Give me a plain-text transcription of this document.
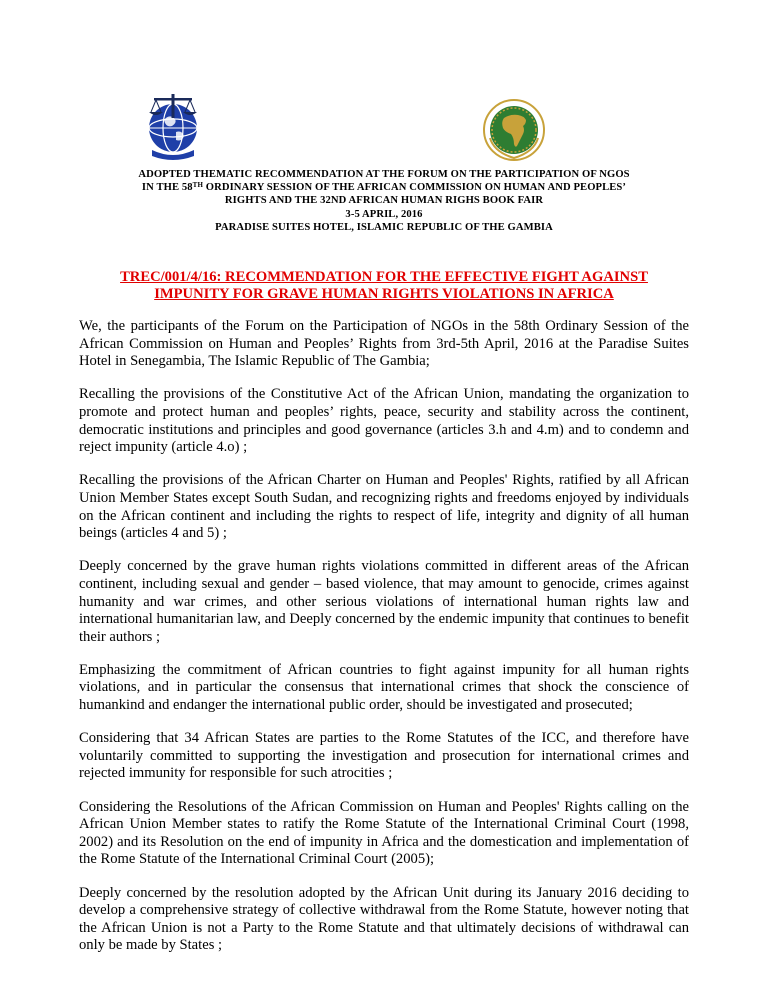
ADOPTED THEMATIC RECOMMENDATION AT THE FORUM ON THE PARTICIPATION OF NGOS
IN THE 58TH ORDINARY SESSION OF THE AFRICAN COMMISSION ON HUMAN AND PEOPLES’
RIGHTS AND THE 32ND AFRICAN HUMAN RIGHS BOOK FAIR
3-5 APRIL, 2016
PARADISE SUITES HOTEL, ISLAMIC REPUBLIC OF THE GAMBIA
TREC/001/4/16: RECOMMENDATION FOR THE EFFECTIVE FIGHT AGAINST
IMPUNITY FOR GRAVE HUMAN RIGHTS VIOLATIONS IN AFRICA

We, the participants of the Forum on the Participation of NGOs in the 58th Ordinary Session of the African Commission on Human and Peoples’ Rights from 3rd-5th April, 2016 at the Paradise Suites Hotel in Senegambia, The Islamic Republic of The Gambia;

Recalling the provisions of the Constitutive Act of the African Union, mandating the organization to promote and protect human and peoples’ rights, peace, security and stability across the continent, democratic institutions and principles and good governance (articles 3.h and 4.m) and to condemn and reject impunity (article 4.o) ;

Recalling the provisions of the African Charter on Human and Peoples' Rights, ratified by all African Union Member States except South Sudan, and recognizing rights and freedoms enjoyed by individuals on the African continent and including the rights to respect of life, integrity and dignity of all human beings (articles 4 and 5) ;

Deeply concerned by the grave human rights violations committed in different areas of the African continent, including sexual and gender – based violence, that may amount to genocide, crimes against humanity and war crimes, and other serious violations of international human rights law and international humanitarian law, and Deeply concerned by the endemic impunity that continues to benefit their authors ;

Emphasizing the commitment of African countries to fight against impunity for all human rights violations, and in particular the consensus that international crimes that shock the conscience of humankind and endanger the international public order, should be investigated and prosecuted;

Considering that 34 African States are parties to the Rome Statutes of the ICC, and therefore have voluntarily committed to supporting the investigation and prosecution for international crimes and rejected immunity for responsible for such atrocities ;

Considering the Resolutions of the African Commission on Human and Peoples' Rights calling on the African Union Member states to ratify the Rome Statute of the International Criminal Court (1998, 2002) and its Resolution on the end of impunity in Africa and the domestication and implementation of the Rome Statute of the International Criminal Court (2005);

Deeply concerned by the resolution adopted by the African Unit during its January 2016 deciding to develop a comprehensive strategy of collective withdrawal from the Rome Statute, however noting that the African Union is not a Party to the Rome Statute and that ultimately decisions of withdrawal can only be made by States ;
